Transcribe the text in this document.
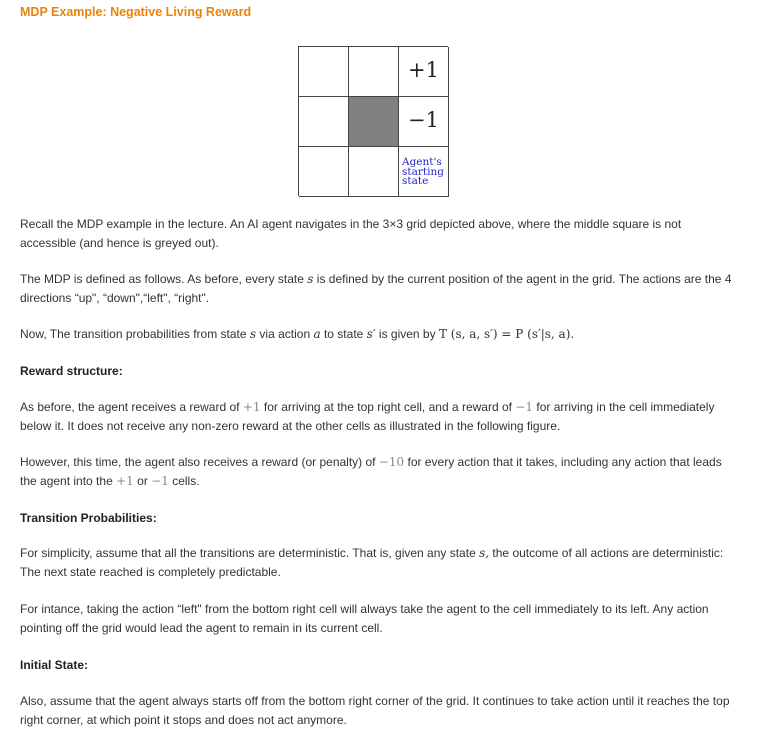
MDP Example: Negative Living Reward
+1
−1
Agent's
starting
state
Recall the MDP example in the lecture. An AI agent navigates in the 3×3 grid depicted above, where the middle square is not accessible (and hence is greyed out).
The MDP is defined as follows. As before, every state s is defined by the current position of the agent in the grid. The actions are the 4 directions “up", “down",“left", “right".
Now, The transition probabilities from state s via action a to state s′ is given by T (s, a, s′) = P (s′|s, a).
Reward structure:
As before, the agent receives a reward of +1 for arriving at the top right cell, and a reward of −1 for arriving in the cell immediately below it. It does not receive any non-zero reward at the other cells as illustrated in the following figure.
However, this time, the agent also receives a reward (or penalty) of −10 for every action that it takes, including any action that leads the agent into the +1 or −1 cells.
Transition Probabilities:
For simplicity, assume that all the transitions are deterministic. That is, given any state s, the outcome of all actions are deterministic: The next state reached is completely predictable.
For intance, taking the action “left" from the bottom right cell will always take the agent to the cell immediately to its left. Any action pointing off the grid would lead the agent to remain in its current cell.
Initial State:
Also, assume that the agent always starts off from the bottom right corner of the grid. It continues to take action until it reaches the top right corner, at which point it stops and does not act anymore.
